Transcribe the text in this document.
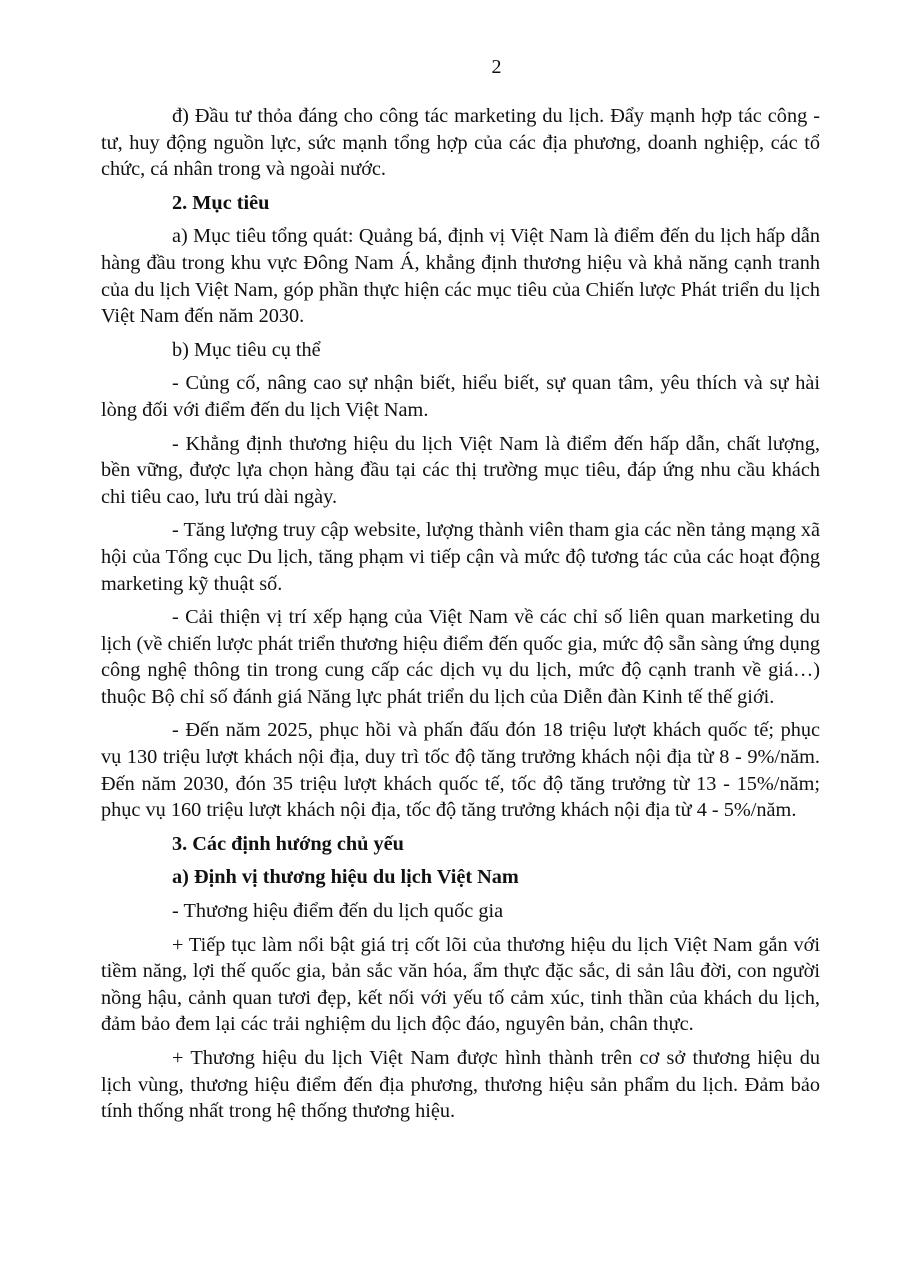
2

đ) Đầu tư thỏa đáng cho công tác marketing du lịch. Đẩy mạnh hợp tác công - tư, huy động nguồn lực, sức mạnh tổng hợp của các địa phương, doanh nghiệp, các tổ chức, cá nhân trong và ngoài nước.

2. Mục tiêu

a) Mục tiêu tổng quát: Quảng bá, định vị Việt Nam là điểm đến du lịch hấp dẫn hàng đầu trong khu vực Đông Nam Á, khẳng định thương hiệu và khả năng cạnh tranh của du lịch Việt Nam, góp phần thực hiện các mục tiêu của Chiến lược Phát triển du lịch Việt Nam đến năm 2030.

b) Mục tiêu cụ thể

- Củng cố, nâng cao sự nhận biết, hiểu biết, sự quan tâm, yêu thích và sự hài lòng đối với điểm đến du lịch Việt Nam.

- Khẳng định thương hiệu du lịch Việt Nam là điểm đến hấp dẫn, chất lượng, bền vững, được lựa chọn hàng đầu tại các thị trường mục tiêu, đáp ứng nhu cầu khách chi tiêu cao, lưu trú dài ngày.

- Tăng lượng truy cập website, lượng thành viên tham gia các nền tảng mạng xã hội của Tổng cục Du lịch, tăng phạm vi tiếp cận và mức độ tương tác của các hoạt động marketing kỹ thuật số.

- Cải thiện vị trí xếp hạng của Việt Nam về các chỉ số liên quan marketing du lịch (về chiến lược phát triển thương hiệu điểm đến quốc gia, mức độ sẵn sàng ứng dụng công nghệ thông tin trong cung cấp các dịch vụ du lịch, mức độ cạnh tranh về giá…) thuộc Bộ chỉ số đánh giá Năng lực phát triển du lịch của Diễn đàn Kinh tế thế giới.

- Đến năm 2025, phục hồi và phấn đấu đón 18 triệu lượt khách quốc tế; phục vụ 130 triệu lượt khách nội địa, duy trì tốc độ tăng trưởng khách nội địa từ 8 - 9%/năm. Đến năm 2030, đón 35 triệu lượt khách quốc tế, tốc độ tăng trưởng từ 13 - 15%/năm; phục vụ 160 triệu lượt khách nội địa, tốc độ tăng trưởng khách nội địa từ 4 - 5%/năm.

3. Các định hướng chủ yếu

a) Định vị thương hiệu du lịch Việt Nam

- Thương hiệu điểm đến du lịch quốc gia

+ Tiếp tục làm nổi bật giá trị cốt lõi của thương hiệu du lịch Việt Nam gắn với tiềm năng, lợi thế quốc gia, bản sắc văn hóa, ẩm thực đặc sắc, di sản lâu đời, con người nồng hậu, cảnh quan tươi đẹp, kết nối với yếu tố cảm xúc, tinh thần của khách du lịch, đảm bảo đem lại các trải nghiệm du lịch độc đáo, nguyên bản, chân thực.

+ Thương hiệu du lịch Việt Nam được hình thành trên cơ sở thương hiệu du lịch vùng, thương hiệu điểm đến địa phương, thương hiệu sản phẩm du lịch. Đảm bảo tính thống nhất trong hệ thống thương hiệu.
